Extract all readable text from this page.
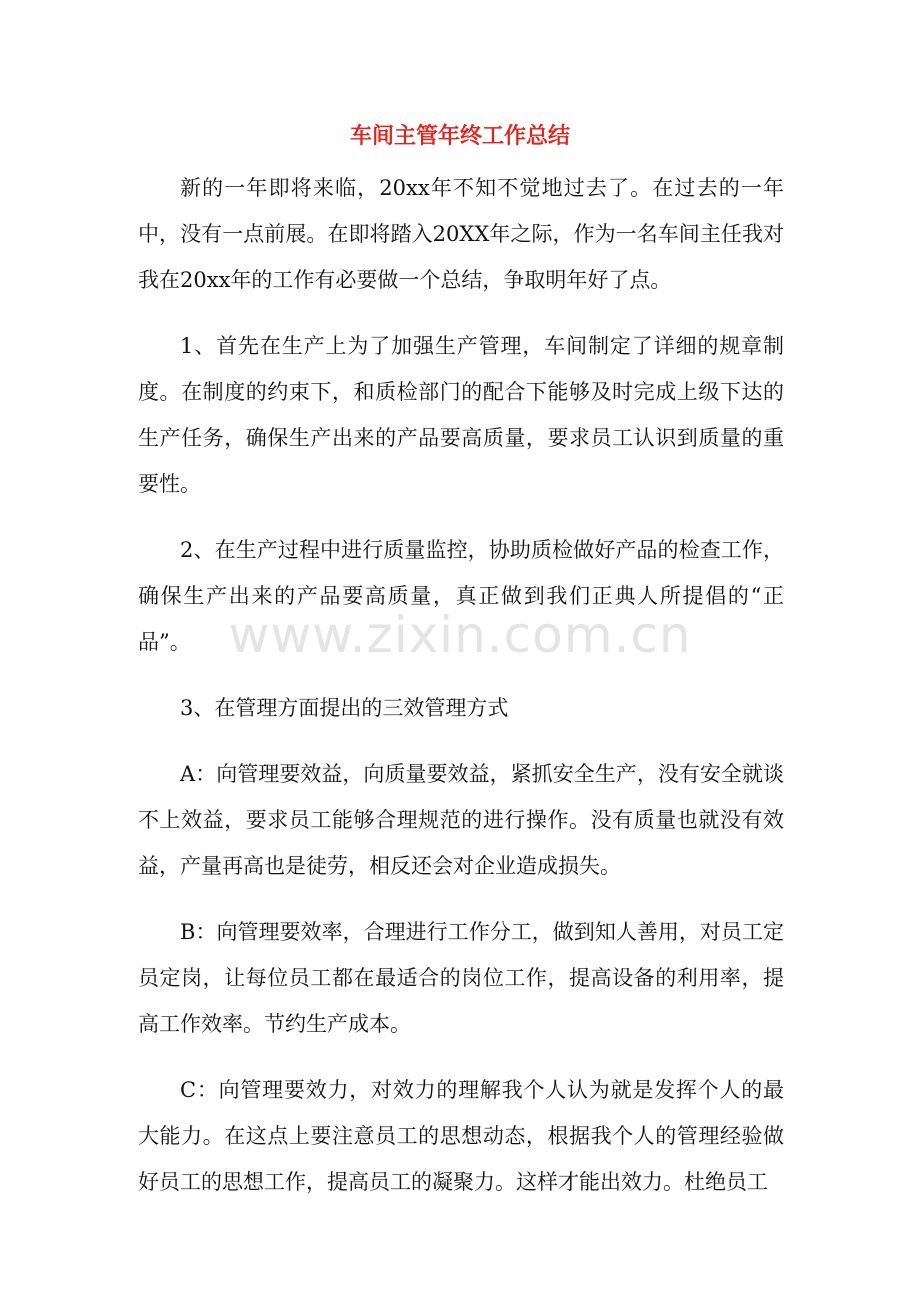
车间主管年终工作总结

新的一年即将来临，20xx年不知不觉地过去了。在过去的一年中，没有一点前展。在即将踏入20XX年之际，作为一名车间主任我对我在20xx年的工作有必要做一个总结，争取明年好了点。

1、首先在生产上为了加强生产管理，车间制定了详细的规章制度。在制度的约束下，和质检部门的配合下能够及时完成上级下达的生产任务，确保生产出来的产品要高质量，要求员工认识到质量的重要性。

2、在生产过程中进行质量监控，协助质检做好产品的检查工作，确保生产出来的产品要高质量，真正做到我们正典人所提倡的“正品”。

3、在管理方面提出的三效管理方式

A：向管理要效益，向质量要效益，紧抓安全生产，没有安全就谈不上效益，要求员工能够合理规范的进行操作。没有质量也就没有效益，产量再高也是徒劳，相反还会对企业造成损失。

B：向管理要效率，合理进行工作分工，做到知人善用，对员工定员定岗，让每位员工都在最适合的岗位工作，提高设备的利用率，提高工作效率。节约生产成本。

C：向管理要效力，对效力的理解我个人认为就是发挥个人的最大能力。在这点上要注意员工的思想动态，根据我个人的管理经验做好员工的思想工作，提高员工的凝聚力。这样才能出效力。杜绝员工

www.zixin.com.cn
